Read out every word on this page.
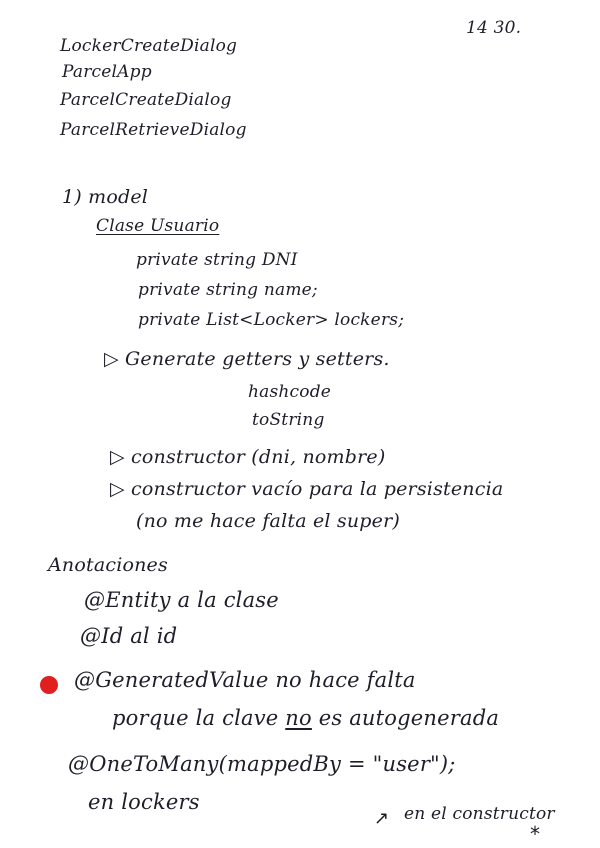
14 30.
LockerCreateDialog
ParcelApp
ParcelCreateDialog
ParcelRetrieveDialog
1) model
Clase Usuario
private string DNI
private string name;
private List<Locker> lockers;
▷ Generate getters y setters.
hashcode
toString
▷ constructor (dni, nombre)
▷ constructor vacío para la persistencia
(no me hace falta el super)
Anotaciones
@Entity a la clase
@Id al id
@GeneratedValue no hace falta
porque la clave no es autogenerada
@OneToMany(mappedBy = "user");
en lockers
↗ en el constructor
*
